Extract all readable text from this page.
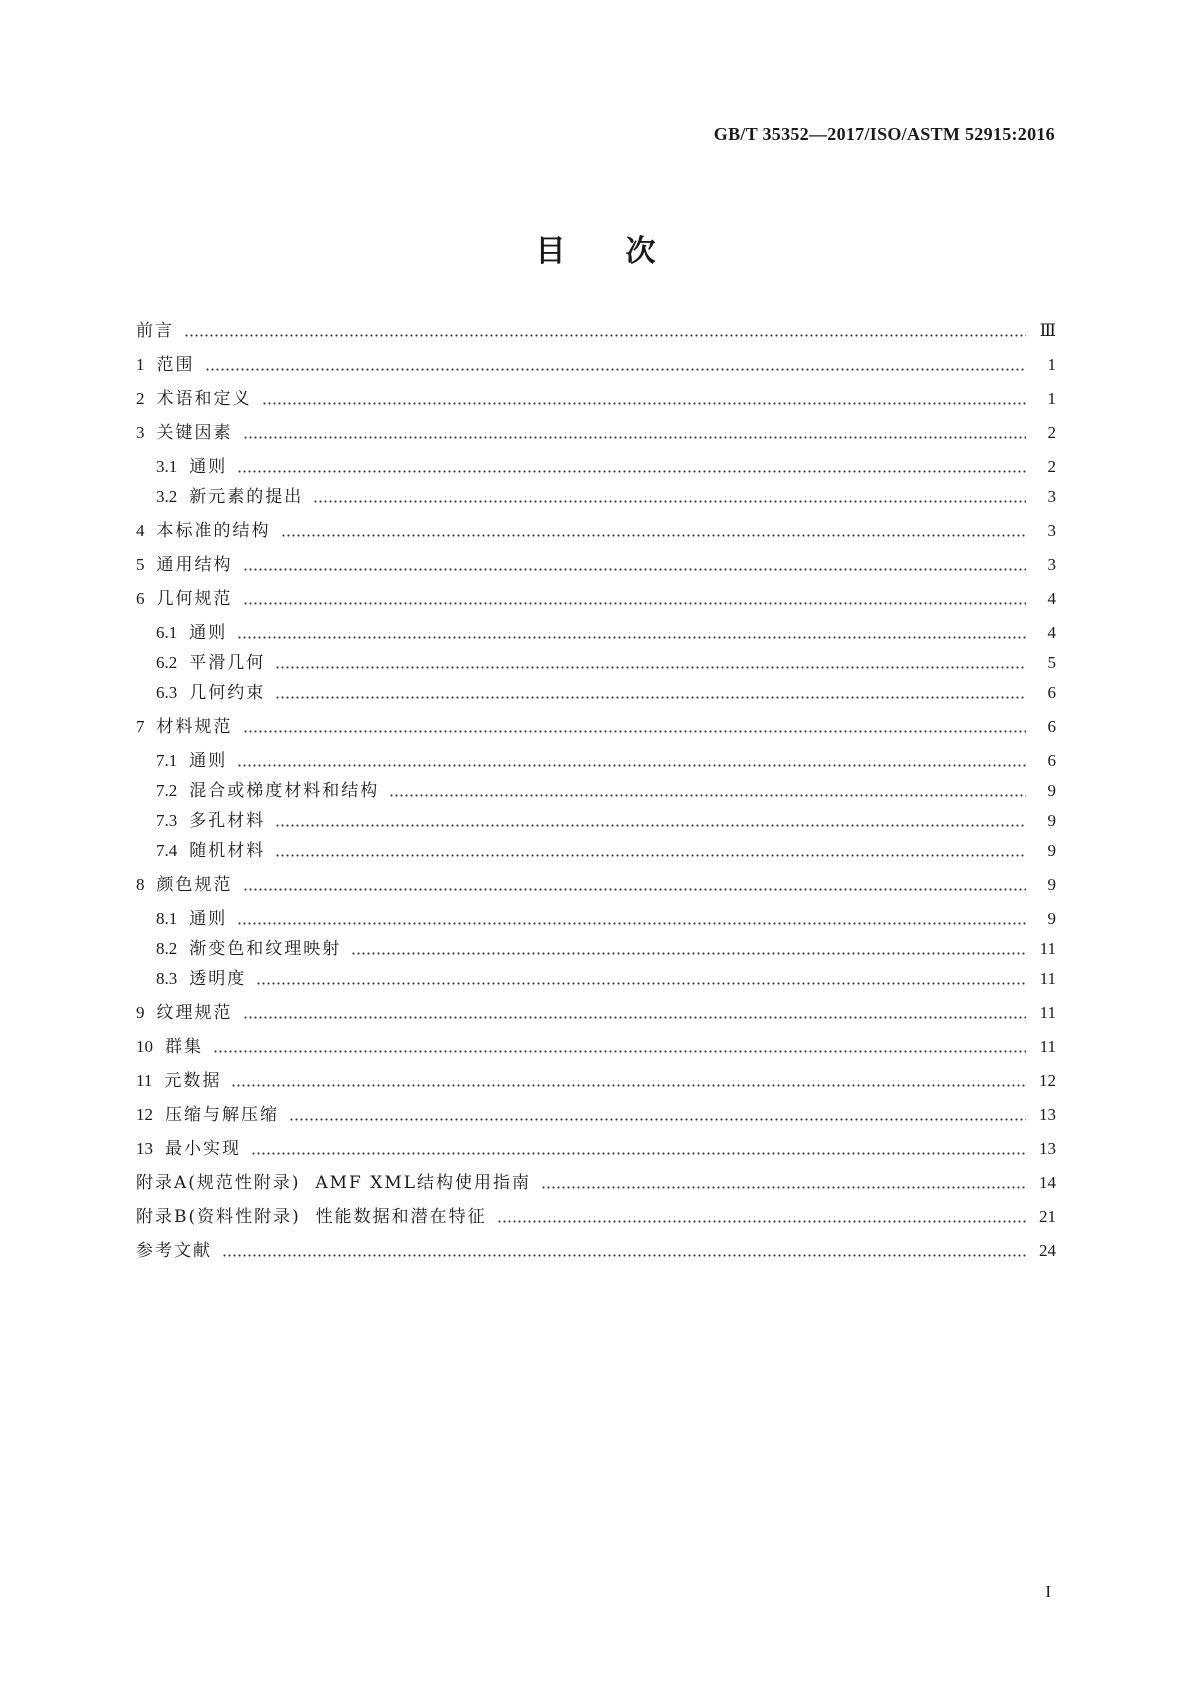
GB/T 35352—2017/ISO/ASTM 52915:2016
目次
前言	Ⅲ
1 范围	1
2 术语和定义	1
3 关键因素	2
3.1 通则	2
3.2 新元素的提出	3
4 本标准的结构	3
5 通用结构	3
6 几何规范	4
6.1 通则	4
6.2 平滑几何	5
6.3 几何约束	6
7 材料规范	6
7.1 通则	6
7.2 混合或梯度材料和结构	9
7.3 多孔材料	9
7.4 随机材料	9
8 颜色规范	9
8.1 通则	9
8.2 渐变色和纹理映射	11
8.3 透明度	11
9 纹理规范	11
10 群集	11
11 元数据	12
12 压缩与解压缩	13
13 最小实现	13
附录A(规范性附录)  AMF XML结构使用指南	14
附录B(资料性附录)  性能数据和潜在特征	21
参考文献	24
I
